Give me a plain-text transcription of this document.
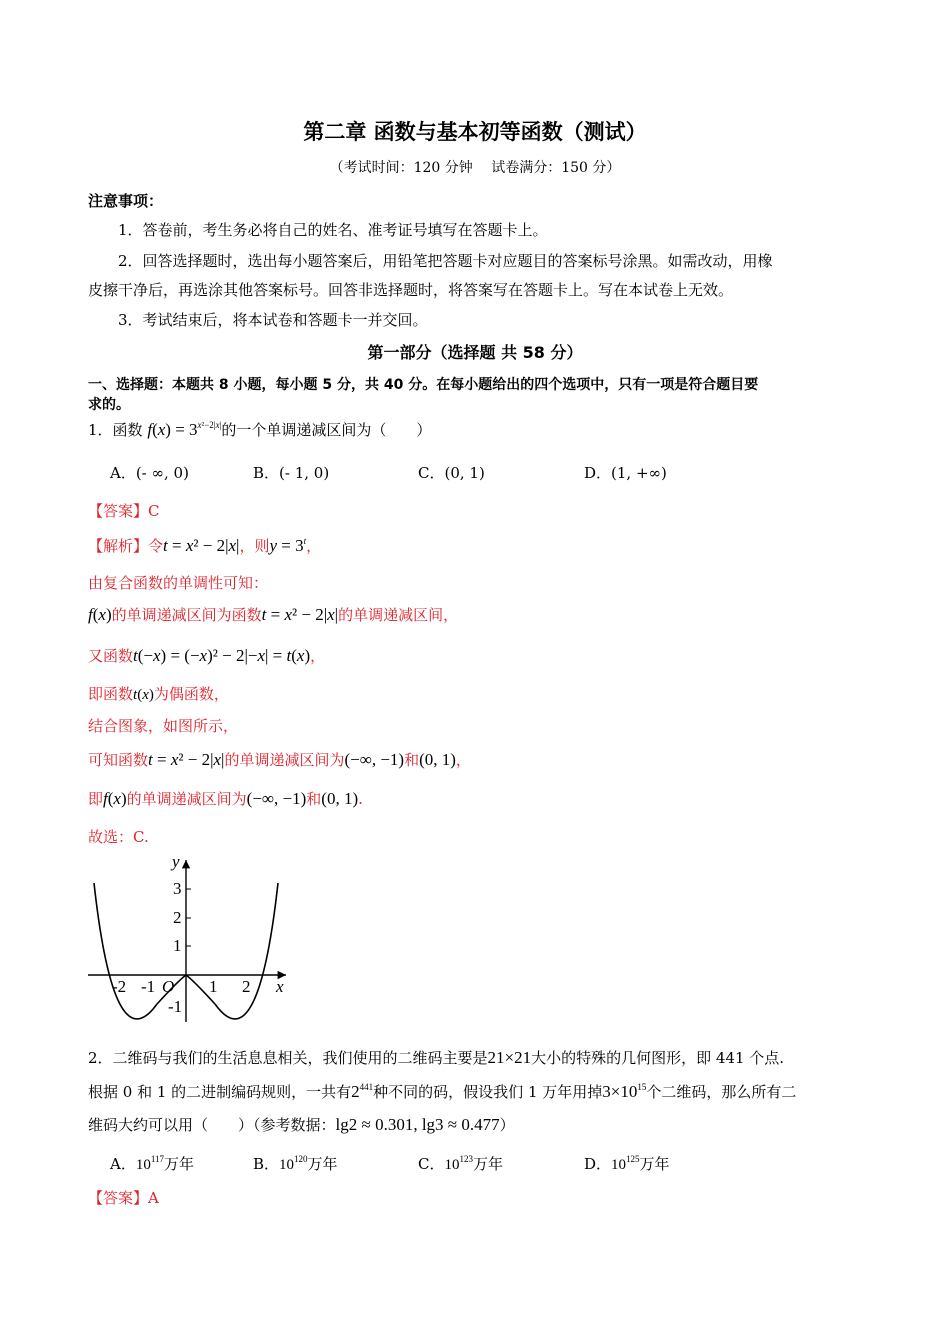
第二章 函数与基本初等函数（测试）
（考试时间：120 分钟　 试卷满分：150 分）
注意事项：
1．答卷前，考生务必将自己的姓名、准考证号填写在答题卡上。
2．回答选择题时，选出每小题答案后，用铅笔把答题卡对应题目的答案标号涂黑。如需改动，用橡
皮擦干净后，再选涂其他答案标号。回答非选择题时，将答案写在答题卡上。写在本试卷上无效。
3．考试结束后，将本试卷和答题卡一并交回。
第一部分（选择题 共 58 分）
一、选择题：本题共 8 小题，每小题 5 分，共 40 分。在每小题给出的四个选项中，只有一项是符合题目要
求的。
1．函数 $f(x) = 3^{x^2-2|x|}$的一个单调递减区间为（　　）
A．(- ∞, 0)	B．(- 1, 0)	C．(0, 1)	D．(1, +∞)
【答案】C
【解析】令t = x² − 2|x|，则$y = 3^t$，
由复合函数的单调性可知：
f(x)的单调递减区间为函数t = x² − 2|x|的单调递减区间，
又函数t(−x) = (−x)² − 2|−x| = t(x)，
即函数t(x)为偶函数，
结合图象，如图所示，
可知函数t = x² − 2|x|的单调递减区间为(−∞, −1)和(0, 1)，
即f(x)的单调递减区间为(−∞, −1)和(0, 1).
故选：C.
y
x
3
2
1
-1
-2 -1	1 2
O
2．二维码与我们的生活息息相关，我们使用的二维码主要是21×21大小的特殊的几何图形，即 441 个点.
根据 0 和 1 的二进制编码规则，一共有$2^{441}$种不同的码，假设我们 1 万年用掉$3\times 10^{15}$个二维码，那么所有二
维码大约可以用（　　）（参考数据：lg2 ≈ 0.301, lg3 ≈ 0.477）
A．$10^{117}$万年	B．$10^{120}$万年	C．$10^{123}$万年	D．$10^{125}$万年
【答案】A
